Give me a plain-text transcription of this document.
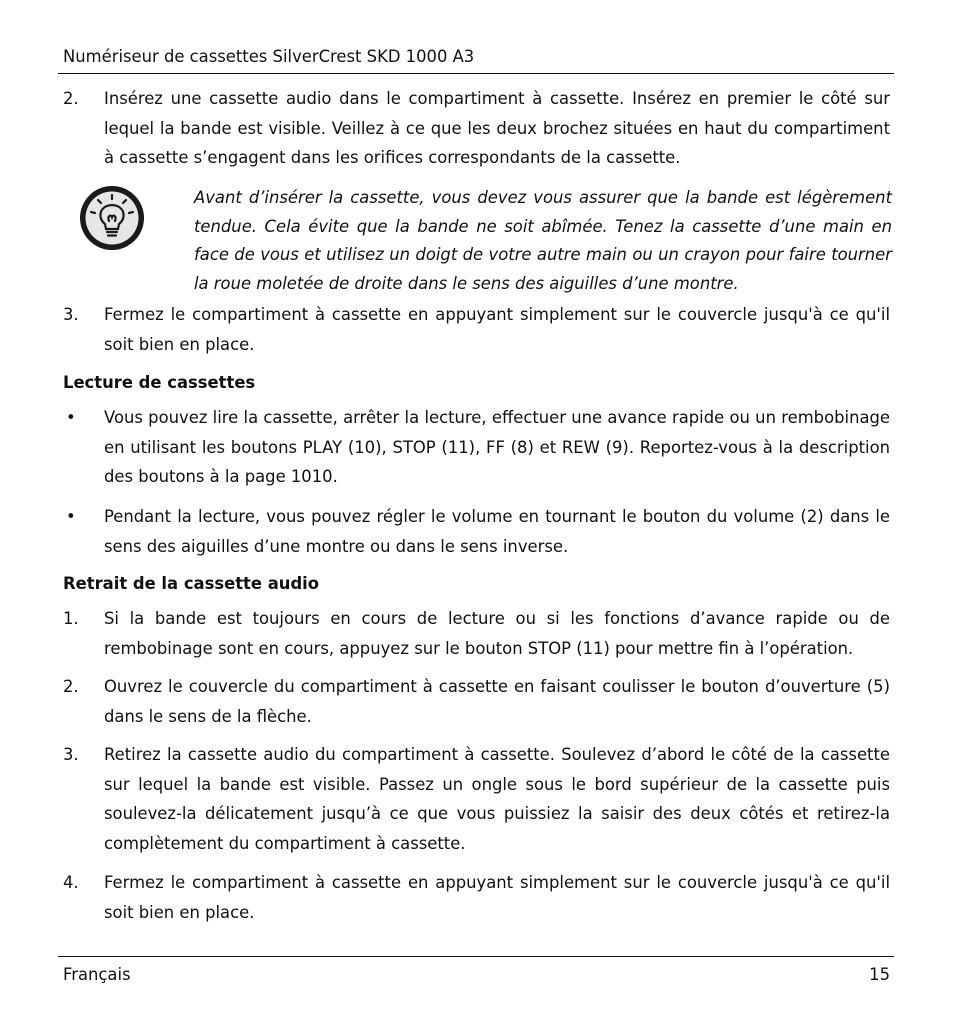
Numériseur de cassettes SilverCrest SKD 1000 A3
2. Insérez une cassette audio dans le compartiment à cassette. Insérez en premier le côté sur lequel la bande est visible. Veillez à ce que les deux brochez situées en haut du compartiment à cassette s’engagent dans les orifices correspondants de la cassette.
Avant d’insérer la cassette, vous devez vous assurer que la bande est légèrement tendue. Cela évite que la bande ne soit abîmée. Tenez la cassette d’une main en face de vous et utilisez un doigt de votre autre main ou un crayon pour faire tourner la roue moletée de droite dans le sens des aiguilles d’une montre.
3. Fermez le compartiment à cassette en appuyant simplement sur le couvercle jusqu'à ce qu'il soit bien en place.
Lecture de cassettes
• Vous pouvez lire la cassette, arrêter la lecture, effectuer une avance rapide ou un rembobinage en utilisant les boutons PLAY (10), STOP (11), FF (8) et REW (9). Reportez-vous à la description des boutons à la page 1010.
• Pendant la lecture, vous pouvez régler le volume en tournant le bouton du volume (2) dans le sens des aiguilles d’une montre ou dans le sens inverse.
Retrait de la cassette audio
1. Si la bande est toujours en cours de lecture ou si les fonctions d’avance rapide ou de rembobinage sont en cours, appuyez sur le bouton STOP (11) pour mettre fin à l’opération.
2. Ouvrez le couvercle du compartiment à cassette en faisant coulisser le bouton d’ouverture (5) dans le sens de la flèche.
3. Retirez la cassette audio du compartiment à cassette. Soulevez d’abord le côté de la cassette sur lequel la bande est visible. Passez un ongle sous le bord supérieur de la cassette puis soulevez-la délicatement jusqu’à ce que vous puissiez la saisir des deux côtés et retirez-la complètement du compartiment à cassette.
4. Fermez le compartiment à cassette en appuyant simplement sur le couvercle jusqu'à ce qu'il soit bien en place.
Français	15
